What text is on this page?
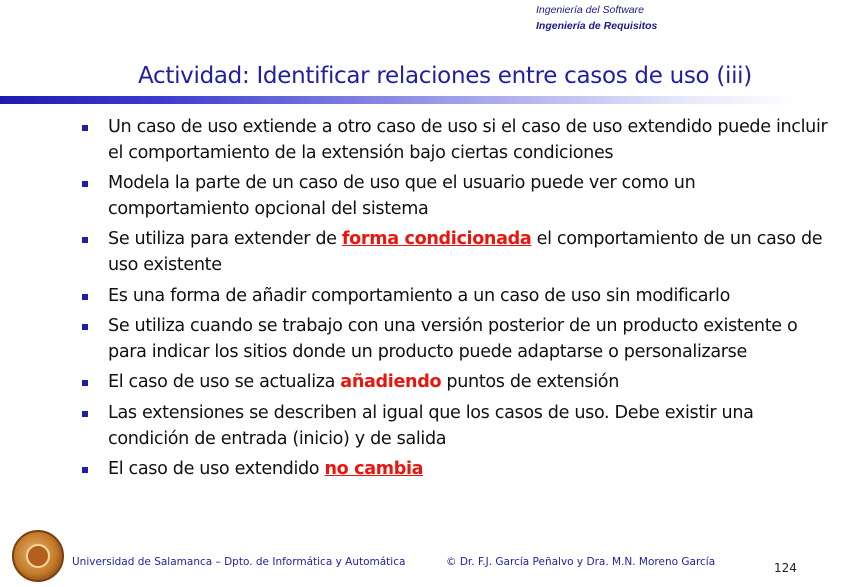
Ingeniería del Software
Ingeniería de Requisitos
Actividad: Identificar relaciones entre casos de uso (iii)
Un caso de uso extiende a otro caso de uso si el caso de uso extendido puede incluir el comportamiento de la extensión bajo ciertas condiciones
Modela la parte de un caso de uso que el usuario puede ver como un comportamiento opcional del sistema
Se utiliza para extender de forma condicionada el comportamiento de un caso de uso existente
Es una forma de añadir comportamiento a un caso de uso sin modificarlo
Se utiliza cuando se trabajo con una versión posterior de un producto existente o para indicar los sitios donde un producto puede adaptarse o personalizarse
El caso de uso se actualiza añadiendo puntos de extensión
Las extensiones se describen al igual que los casos de uso. Debe existir una condición de entrada (inicio) y de salida
El caso de uso extendido no cambia
Universidad de Salamanca – Dpto. de Informática y Automática	© Dr. F.J. García Peñalvo y Dra. M.N. Moreno García	124
